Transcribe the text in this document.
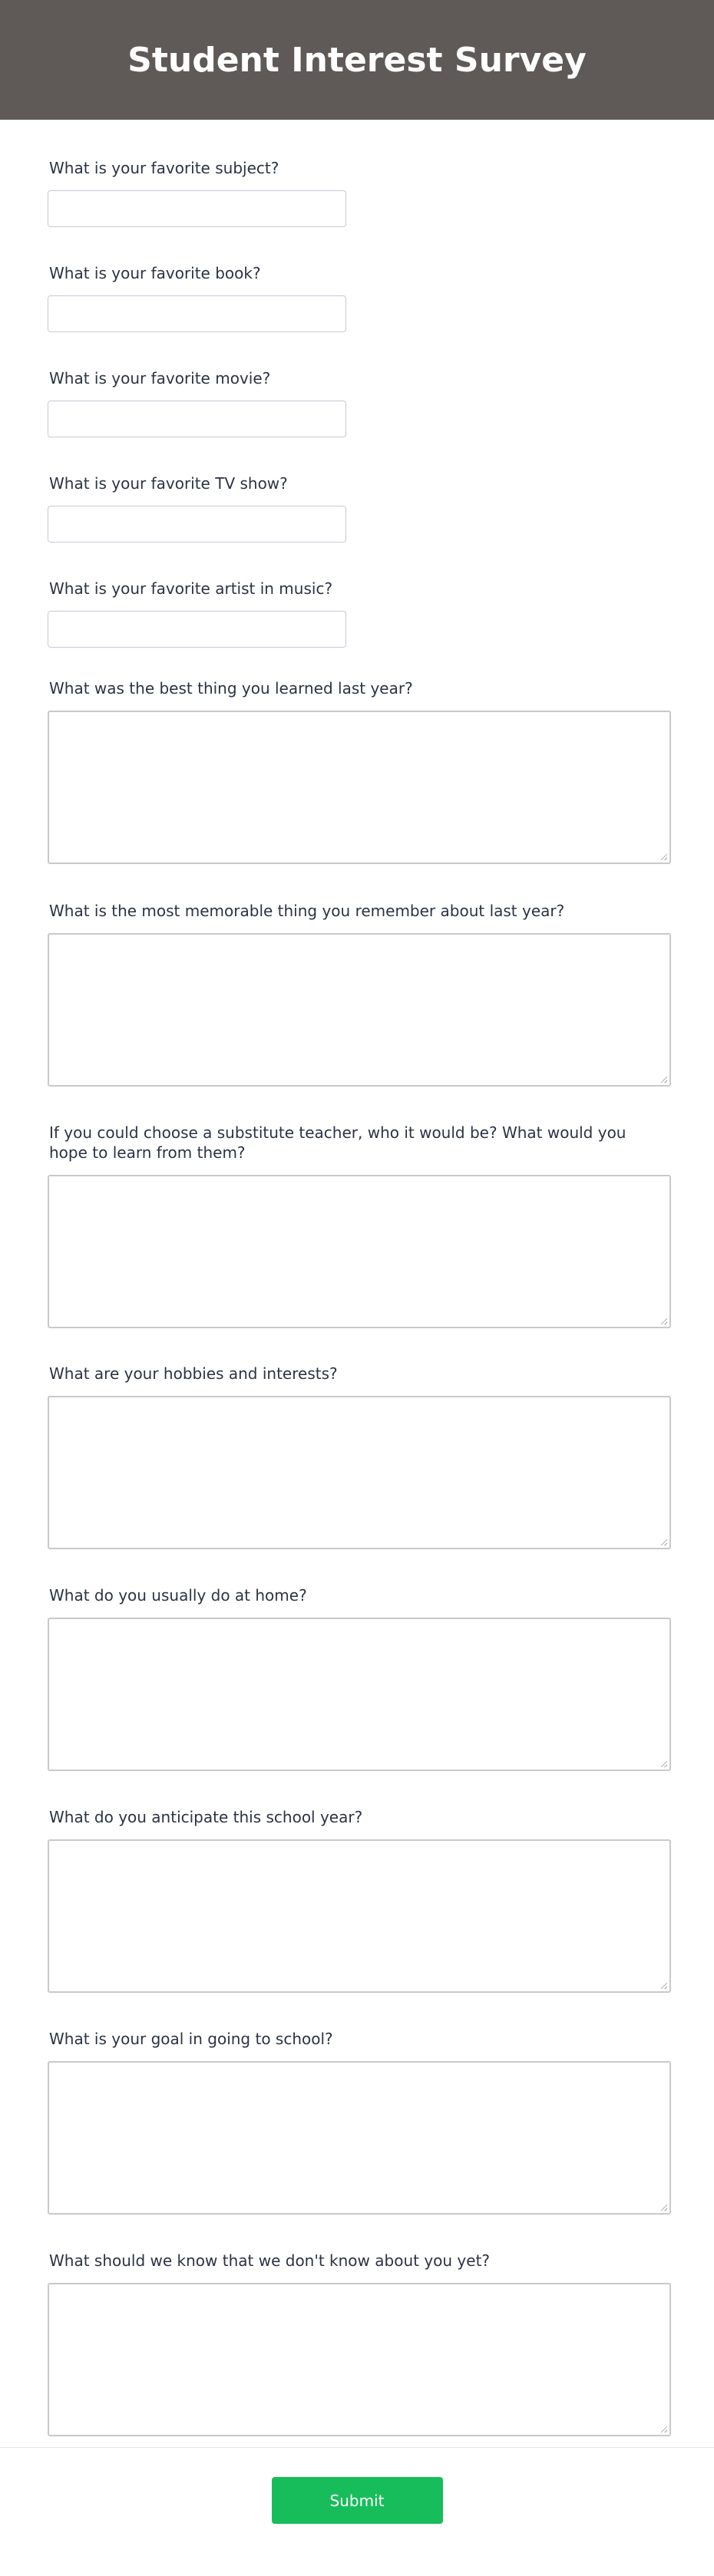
Student Interest Survey
What is your favorite subject?
What is your favorite book?
What is your favorite movie?
What is your favorite TV show?
What is your favorite artist in music?
What was the best thing you learned last year?
What is the most memorable thing you remember about last year?
If you could choose a substitute teacher, who it would be? What would you hope to learn from them?
What are your hobbies and interests?
What do you usually do at home?
What do you anticipate this school year?
What is your goal in going to school?
What should we know that we don't know about you yet?
Submit
